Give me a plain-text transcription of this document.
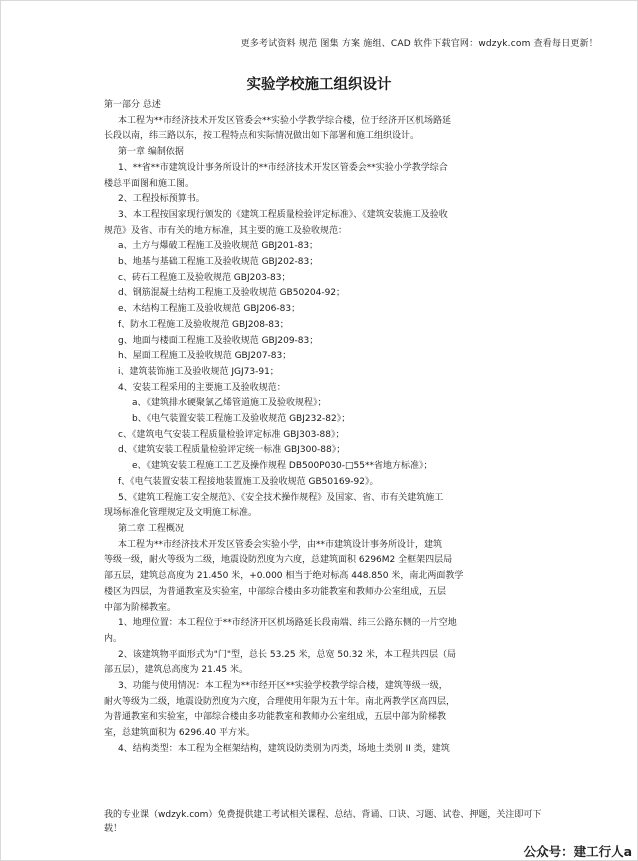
更多考试资料 规范 图集 方案 施组、CAD 软件下载官网：wdzyk.com 查看每日更新！
实验学校施工组织设计
第一部分 总述
本工程为**市经济技术开发区管委会**实验小学教学综合楼，位于经济开区机场路延
长段以南，纬三路以东，按工程特点和实际情况做出如下部署和施工组织设计。
第一章 编制依据
1、**省**市建筑设计事务所设计的**市经济技术开发区管委会**实验小学教学综合
楼总平面图和施工图。
2、工程投标预算书。
3、本工程按国家现行颁发的《建筑工程质量检验评定标准》、《建筑安装施工及验收
规范》及省、市有关的地方标准，其主要的施工及验收规范：
a、土方与爆破工程施工及验收规范 GBJ201-83；
b、地基与基础工程施工及验收规范 GBJ202-83；
c、砖石工程施工及验收规范 GBJ203-83；
d、钢筋混凝土结构工程施工及验收规范 GB50204-92；
e、木结构工程施工及验收规范 GBJ206-83；
f、防水工程施工及验收规范 GBJ208-83；
g、地面与楼面工程施工及验收规范 GBJ209-83；
h、屋面工程施工及验收规范 GBJ207-83；
i、建筑装饰施工及验收规范 JGJ73-91；
4、安装工程采用的主要施工及验收规范：
a、《建筑排水硬聚氯乙烯管道施工及验收规程》；
b、《电气装置安装工程施工及验收规范 GBJ232-82》；
c、《建筑电气安装工程质量检验评定标准 GBJ303-88》；
d、《建筑安装工程质量检验评定统一标准 GBJ300-88》；
e、《建筑安装工程施工工艺及操作规程 DB500P030-□55**省地方标准》；
f、《电气装置安装工程接地装置施工及验收规范 GB50169-92》。
5、《建筑工程施工安全规范》、《安全技术操作规程》及国家、省、市有关建筑施工
现场标准化管理规定及文明施工标准。
第二章 工程概况
本工程为**市经济技术开发区管委会实验小学，由**市建筑设计事务所设计，建筑
等级一级，耐火等级为二级，地震设防烈度为六度，总建筑面积 6296M2 全框架四层局
部五层，建筑总高度为 21.450 米，+0.000 相当于绝对标高 448.850 米，南北两面教学
楼区为四层，为普通教室及实验室，中部综合楼由多功能教室和教师办公室组成，五层
中部为阶梯教室。
1、地理位置：本工程位于**市经济开区机场路延长段南端、纬三公路东侧的一片空地
内。
2、该建筑物平面形式为"门"型，总长 53.25 米，总宽 50.32 米，本工程共四层（局
部五层），建筑总高度为 21.45 米。
3、功能与使用情况：本工程为**市经开区**实验学校教学综合楼，建筑等级一级，
耐火等级为二级，地震设防烈度为六度，合理使用年限为五十年。南北两教学区高四层，
为普通教室和实验室，中部综合楼由多功能教室和教师办公室组成，五层中部为阶梯教
室，总建筑面积为 6296.40 平方米。
4、结构类型：本工程为全框架结构，建筑设防类别为丙类，场地土类别 II 类，建筑
我的专业课（wdzyk.com）免费提供建工考试相关课程、总结、背诵、口诀、习题、试卷、押题，关注即可下载！
公众号：建工行人a
